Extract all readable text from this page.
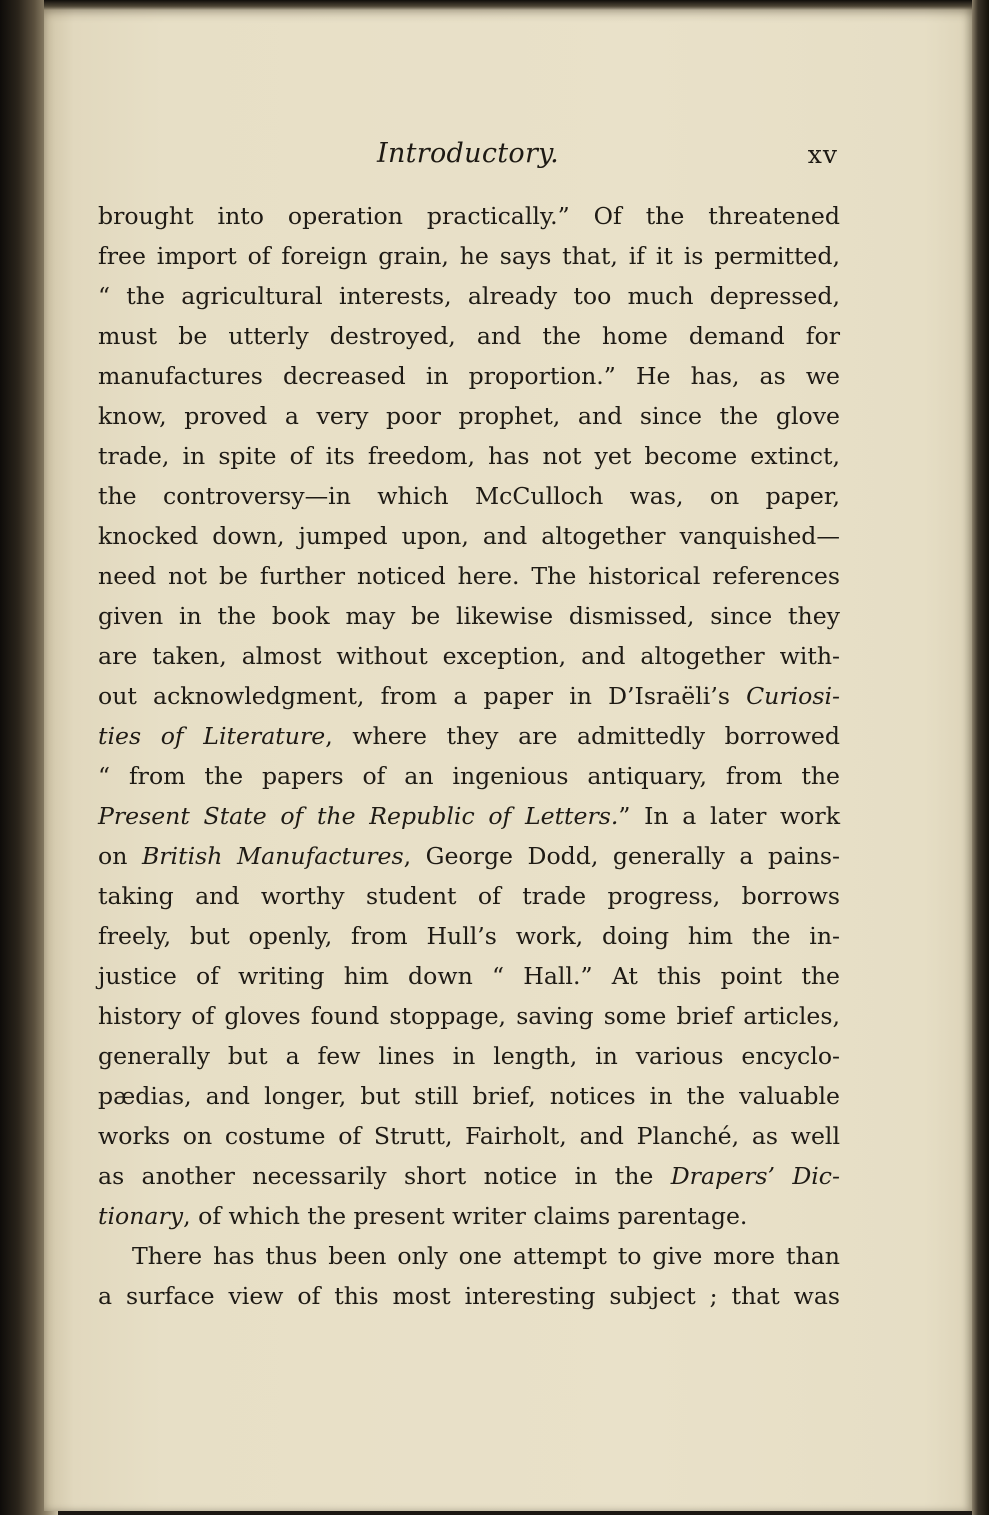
Introductory.	xv
brought into operation practically.” Of the threatened
free import of foreign grain, he says that, if it is permitted,
“ the agricultural interests, already too much depressed,
must be utterly destroyed, and the home demand for
manufactures decreased in proportion.” He has, as we
know, proved a very poor prophet, and since the glove
trade, in spite of its freedom, has not yet become extinct,
the controversy—in which McCulloch was, on paper,
knocked down, jumped upon, and altogether vanquished—
need not be further noticed here. The historical references
given in the book may be likewise dismissed, since they
are taken, almost without exception, and altogether with-
out acknowledgment, from a paper in D’Israëli’s Curiosi-
ties of Literature, where they are admittedly borrowed
“ from the papers of an ingenious antiquary, from the
Present State of the Republic of Letters.” In a later work
on British Manufactures, George Dodd, generally a pains-
taking and worthy student of trade progress, borrows
freely, but openly, from Hull’s work, doing him the in-
justice of writing him down “ Hall.” At this point the
history of gloves found stoppage, saving some brief articles,
generally but a few lines in length, in various encyclo-
pædias, and longer, but still brief, notices in the valuable
works on costume of Strutt, Fairholt, and Planché, as well
as another necessarily short notice in the Drapers’ Dic-
tionary, of which the present writer claims parentage.
There has thus been only one attempt to give more than
a surface view of this most interesting subject ; that was
